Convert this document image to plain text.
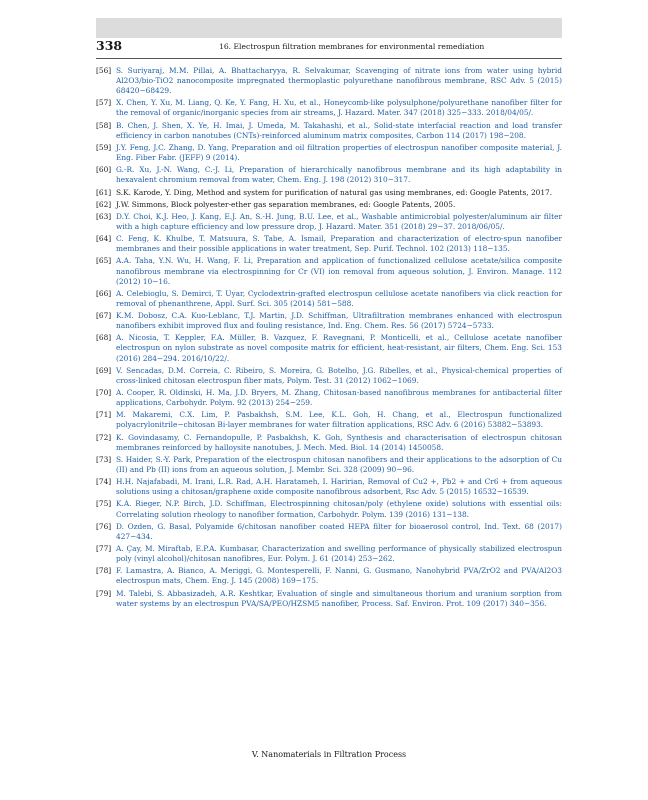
338	16. Electrospun filtration membranes for environmental remediation
[56] S. Suriyaraj, M.M. Pillai, A. Bhattacharyya, R. Selvakumar, Scavenging of nitrate ions from water using hybrid Al2O3/bio-TiO2 nanocomposite impregnated thermoplastic polyurethane nanofibrous membrane, RSC Adv. 5 (2015) 68420−68429.
[57] X. Chen, Y. Xu, M. Liang, Q. Ke, Y. Fang, H. Xu, et al., Honeycomb-like polysulphone/polyurethane nanofiber filter for the removal of organic/inorganic species from air streams, J. Hazard. Mater. 347 (2018) 325−333. 2018/04/05/.
[58] B. Chen, J. Shen, X. Ye, H. Imai, J. Umeda, M. Takahashi, et al., Solid-state interfacial reaction and load transfer efficiency in carbon nanotubes (CNTs)-reinforced aluminum matrix composites, Carbon 114 (2017) 198−208.
[59] J.Y. Feng, J.C. Zhang, D. Yang, Preparation and oil filtration properties of electrospun nanofiber composite material, J. Eng. Fiber Fabr. (JEFF) 9 (2014).
[60] G.-R. Xu, J.-N. Wang, C.-J. Li, Preparation of hierarchically nanofibrous membrane and its high adaptability in hexavalent chromium removal from water, Chem. Eng. J. 198 (2012) 310−317.
[61] S.K. Karode, Y. Ding, Method and system for purification of natural gas using membranes, ed: Google Patents, 2017.
[62] J.W. Simmons, Block polyester-ether gas separation membranes, ed: Google Patents, 2005.
[63] D.Y. Choi, K.J. Heo, J. Kang, E.J. An, S.-H. Jung, B.U. Lee, et al., Washable antimicrobial polyester/aluminum air filter with a high capture efficiency and low pressure drop, J. Hazard. Mater. 351 (2018) 29−37. 2018/06/05/.
[64] C. Feng, K. Khulbe, T. Matsuura, S. Tabe, A. Ismail, Preparation and characterization of electro-spun nanofiber membranes and their possible applications in water treatment, Sep. Purif. Technol. 102 (2013) 118−135.
[65] A.A. Taha, Y.N. Wu, H. Wang, F. Li, Preparation and application of functionalized cellulose acetate/silica composite nanofibrous membrane via electrospinning for Cr (VI) ion removal from aqueous solution, J. Environ. Manage. 112 (2012) 10−16.
[66] A. Celebioglu, S. Demirci, T. Uyar, Cyclodextrin-grafted electrospun cellulose acetate nanofibers via click reaction for removal of phenanthrene, Appl. Surf. Sci. 305 (2014) 581−588.
[67] K.M. Dobosz, C.A. Kuo-Leblanc, T.J. Martin, J.D. Schiffman, Ultrafiltration membranes enhanced with electrospun nanofibers exhibit improved flux and fouling resistance, Ind. Eng. Chem. Res. 56 (2017) 5724−5733.
[68] A. Nicosia, T. Keppler, F.A. Müller, B. Vazquez, F. Ravegnani, P. Monticelli, et al., Cellulose acetate nanofiber electrospun on nylon substrate as novel composite matrix for efficient, heat-resistant, air filters, Chem. Eng. Sci. 153 (2016) 284−294. 2016/10/22/.
[69] V. Sencadas, D.M. Correia, C. Ribeiro, S. Moreira, G. Botelho, J.G. Ribelles, et al., Physical-chemical properties of cross-linked chitosan electrospun fiber mats, Polym. Test. 31 (2012) 1062−1069.
[70] A. Cooper, R. Oldinski, H. Ma, J.D. Bryers, M. Zhang, Chitosan-based nanofibrous membranes for antibacterial filter applications, Carbohydr. Polym. 92 (2013) 254−259.
[71] M. Makaremi, C.X. Lim, P. Pasbakhsh, S.M. Lee, K.L. Goh, H. Chang, et al., Electrospun functionalized polyacrylonitrile−chitosan Bi-layer membranes for water filtration applications, RSC Adv. 6 (2016) 53882−53893.
[72] K. Govindasamy, C. Fernandopulle, P. Pasbakhsh, K. Goh, Synthesis and characterisation of electrospun chitosan membranes reinforced by halloysite nanotubes, J. Mech. Med. Biol. 14 (2014) 1450058.
[73] S. Haider, S.-Y. Park, Preparation of the electrospun chitosan nanofibers and their applications to the adsorption of Cu (II) and Pb (II) ions from an aqueous solution, J. Membr. Sci. 328 (2009) 90−96.
[74] H.H. Najafabadi, M. Irani, L.R. Rad, A.H. Haratameh, I. Haririan, Removal of Cu2 +, Pb2 + and Cr6 + from aqueous solutions using a chitosan/graphene oxide composite nanofibrous adsorbent, Rsc Adv. 5 (2015) 16532−16539.
[75] K.A. Rieger, N.P. Birch, J.D. Schiffman, Electrospinning chitosan/poly (ethylene oxide) solutions with essential oils: Correlating solution rheology to nanofiber formation, Carbohydr. Polym. 139 (2016) 131−138.
[76] D. Ozden, G. Basal, Polyamide 6/chitosan nanofiber coated HEPA filter for bioaerosol control, Ind. Text. 68 (2017) 427−434.
[77] A. Çay, M. Miraftab, E.P.A. Kumbasar, Characterization and swelling performance of physically stabilized electrospun poly (vinyl alcohol)/chitosan nanofibres, Eur. Polym. J. 61 (2014) 253−262.
[78] F. Lamastra, A. Bianco, A. Meriggi, G. Montesperelli, F. Nanni, G. Gusmano, Nanohybrid PVA/ZrO2 and PVA/Al2O3 electrospun mats, Chem. Eng. J. 145 (2008) 169−175.
[79] M. Talebi, S. Abbasizadeh, A.R. Keshtkar, Evaluation of single and simultaneous thorium and uranium sorption from water systems by an electrospun PVA/SA/PEO/HZSM5 nanofiber, Process. Saf. Environ. Prot. 109 (2017) 340−356.
V. Nanomaterials in Filtration Process
